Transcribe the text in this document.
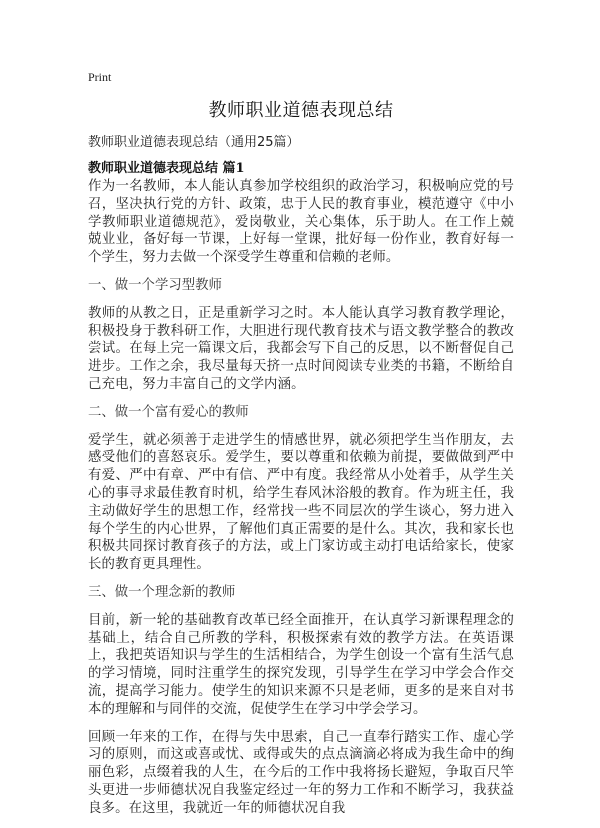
Print
教师职业道德表现总结
教师职业道德表现总结（通用25篇）
教师职业道德表现总结 篇1

作为一名教师，本人能认真参加学校组织的政治学习，积极响应党的号召，坚决执行党的方针、政策，忠于人民的教育事业，模范遵守《中小学教师职业道德规范》，爱岗敬业，关心集体，乐于助人。在工作上兢兢业业，备好每一节课，上好每一堂课，批好每一份作业，教育好每一个学生，努力去做一个深受学生尊重和信赖的老师。

一、做一个学习型教师

教师的从教之日，正是重新学习之时。本人能认真学习教育教学理论，积极投身于教科研工作，大胆进行现代教育技术与语文教学整合的教改尝试。在每上完一篇课文后，我都会写下自己的反思，以不断督促自己进步。工作之余，我尽量每天挤一点时间阅读专业类的书籍，不断给自己充电，努力丰富自己的文学内涵。

二、做一个富有爱心的教师

爱学生，就必须善于走进学生的情感世界，就必须把学生当作朋友，去感受他们的喜怒哀乐。爱学生，要以尊重和依赖为前提，要做做到严中有爱、严中有章、严中有信、严中有度。我经常从小处着手，从学生关心的事寻求最佳教育时机，给学生春风沐浴般的教育。作为班主任，我主动做好学生的思想工作，经常找一些不同层次的学生谈心，努力进入每个学生的内心世界，了解他们真正需要的是什么。其次，我和家长也积极共同探讨教育孩子的方法，或上门家访或主动打电话给家长，使家长的教育更具理性。

三、做一个理念新的教师

目前，新一轮的基础教育改革已经全面推开，在认真学习新课程理念的基础上，结合自己所教的学科，积极探索有效的教学方法。在英语课上，我把英语知识与学生的生活相结合，为学生创设一个富有生活气息的学习情境，同时注重学生的探究发现，引导学生在学习中学会合作交流，提高学习能力。使学生的知识来源不只是老师，更多的是来自对书本的理解和与同伴的交流，促使学生在学习中学会学习。

回顾一年来的工作，在得与失中思索，自己一直奉行踏实工作、虚心学习的原则，而这或喜或忧、或得或失的点点滴滴必将成为我生命中的绚丽色彩，点缀着我的人生，在今后的工作中我将扬长避短，争取百尺竿头更进一步师德状况自我鉴定经过一年的努力工作和不断学习，我获益良多。在这里，我就近一年的师德状况自我
